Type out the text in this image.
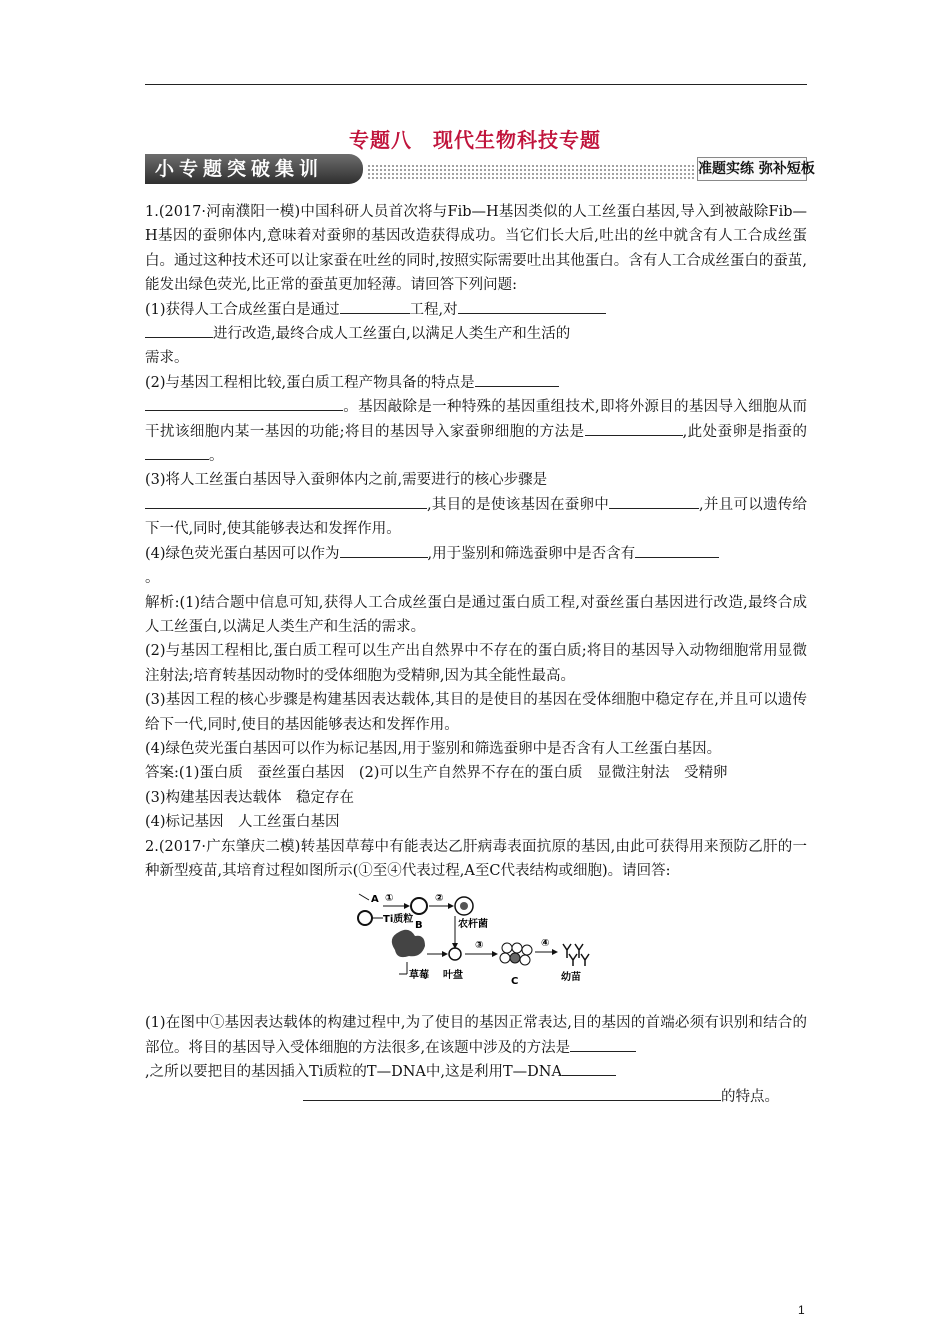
专题八　现代生物科技专题
小专题突破集训	准题实练 弥补短板

1.(2017·河南濮阳一模)中国科研人员首次将与Fib—H基因类似的人工丝蛋白基因,导入到被敲除Fib—H基因的蚕卵体内,意味着对蚕卵的基因改造获得成功。当它们长大后,吐出的丝中就含有人工合成丝蛋白。通过这种技术还可以让家蚕在吐丝的同时,按照实际需要吐出其他蛋白。含有人工合成丝蛋白的蚕茧,能发出绿色荧光,比正常的蚕茧更加轻薄。请回答下列问题:

(1)获得人工合成丝蛋白是通过	工程,对
进行改造,最终合成人工丝蛋白,以满足人类生产和生活的
需求。

(2)与基因工程相比较,蛋白质工程产物具备的特点是
。基因敲除是一种特殊的基因重组技术,即将外源目的基因导入细胞从而干扰该细胞内某一基因的功能;将目的基因导入家蚕卵细胞的方法是	,此处蚕卵是指蚕的。

(3)将人工丝蛋白基因导入蚕卵体内之前,需要进行的核心步骤是
,其目的是使该基因在蚕卵中	,并且可以遗传给下一代,同时,使其能够表达和发挥作用。

(4)绿色荧光蛋白基因可以作为	,用于鉴别和筛选蚕卵中是否含有
。

解析:(1)结合题中信息可知,获得人工合成丝蛋白是通过蛋白质工程,对蚕丝蛋白基因进行改造,最终合成人工丝蛋白,以满足人类生产和生活的需求。

(2)与基因工程相比,蛋白质工程可以生产出自然界中不存在的蛋白质;将目的基因导入动物细胞常用显微注射法;培育转基因动物时的受体细胞为受精卵,因为其全能性最高。

(3)基因工程的核心步骤是构建基因表达载体,其目的是使目的基因在受体细胞中稳定存在,并且可以遗传给下一代,同时,使目的基因能够表达和发挥作用。

(4)绿色荧光蛋白基因可以作为标记基因,用于鉴别和筛选蚕卵中是否含有人工丝蛋白基因。

答案:(1)蛋白质　蚕丝蛋白基因　(2)可以生产自然界不存在的蛋白质　显微注射法　受精卵

(3)构建基因表达载体　稳定存在

(4)标记基因　人工丝蛋白基因

2.(2017·广东肇庆二模)转基因草莓中有能表达乙肝病毒表面抗原的基因,由此可获得用来预防乙肝的一种新型疫苗,其培育过程如图所示(①至④代表过程,A至C代表结构或细胞)。请回答:

A
Ti质粒
①
B
②
农杆菌
草莓 叶盘
③
C
④
幼苗

(1)在图中①基因表达载体的构建过程中,为了使目的基因正常表达,目的基因的首端必须有识别和结合的部位。将目的基因导入受体细胞的方法很多,在该题中涉及的方法是
,之所以要把目的基因插入Ti质粒的T—DNA中,这是利用T—DNA
的特点。

1
